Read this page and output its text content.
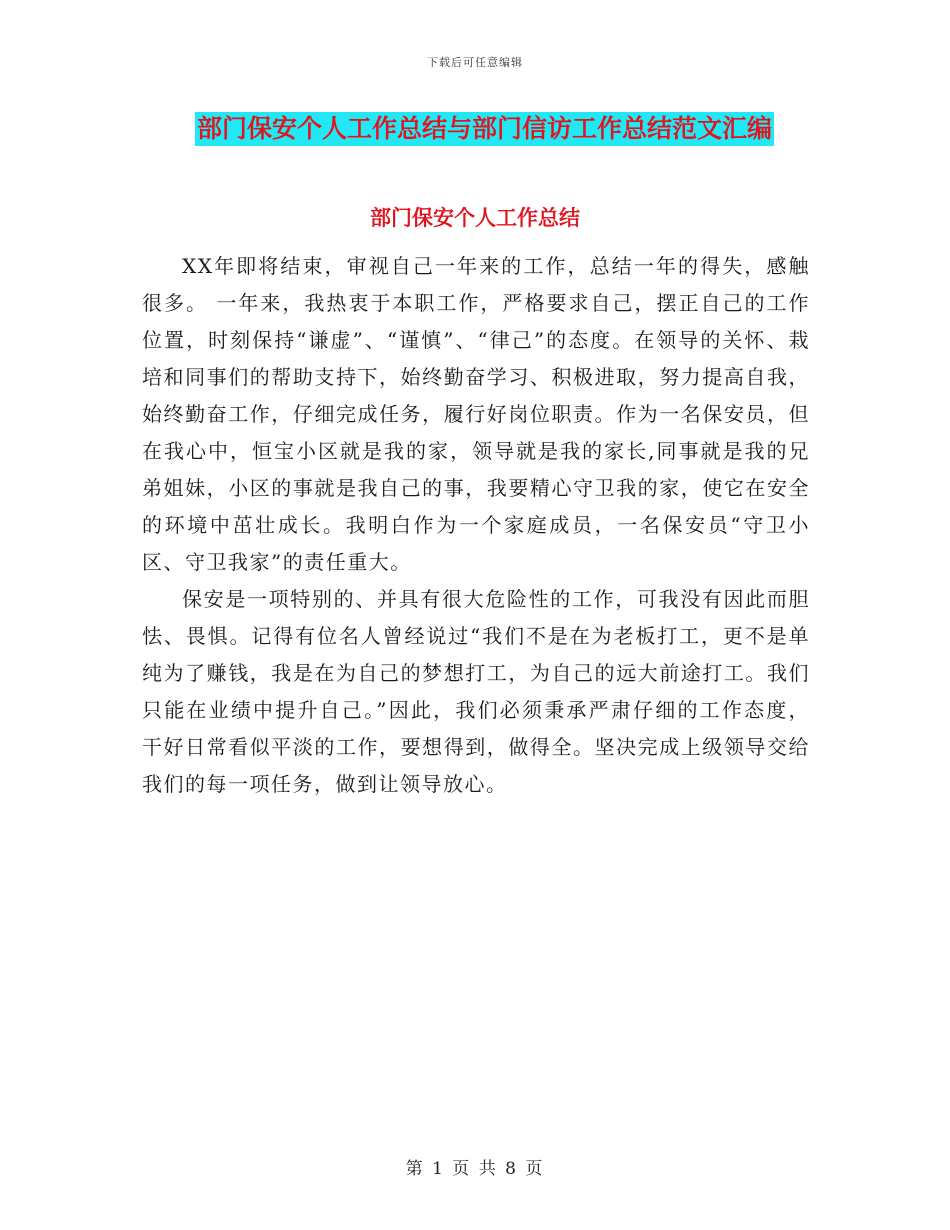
下载后可任意编辑
部门保安个人工作总结与部门信访工作总结范文汇编
部门保安个人工作总结

XX年即将结束，审视自己一年来的工作，总结一年的得失，感触很多。 一年来，我热衷于本职工作，严格要求自己，摆正自己的工作位置，时刻保持“谦虚”、“谨慎”、“律己”的态度。在领导的关怀、栽培和同事们的帮助支持下，始终勤奋学习、积极进取，努力提高自我，始终勤奋工作，仔细完成任务，履行好岗位职责。作为一名保安员，但在我心中，恒宝小区就是我的家，领导就是我的家长,同事就是我的兄弟姐妹，小区的事就是我自己的事，我要精心守卫我的家，使它在安全的环境中茁壮成长。我明白作为一个家庭成员，一名保安员“守卫小区、守卫我家”的责任重大。

保安是一项特别的、并具有很大危险性的工作，可我没有因此而胆怯、畏惧。记得有位名人曾经说过“我们不是在为老板打工，更不是单纯为了赚钱，我是在为自己的梦想打工，为自己的远大前途打工。我们只能在业绩中提升自己。”因此，我们必须秉承严肃仔细的工作态度，干好日常看似平淡的工作，要想得到，做得全。坚决完成上级领导交给我们的每一项任务，做到让领导放心。

第 1 页 共 8 页
